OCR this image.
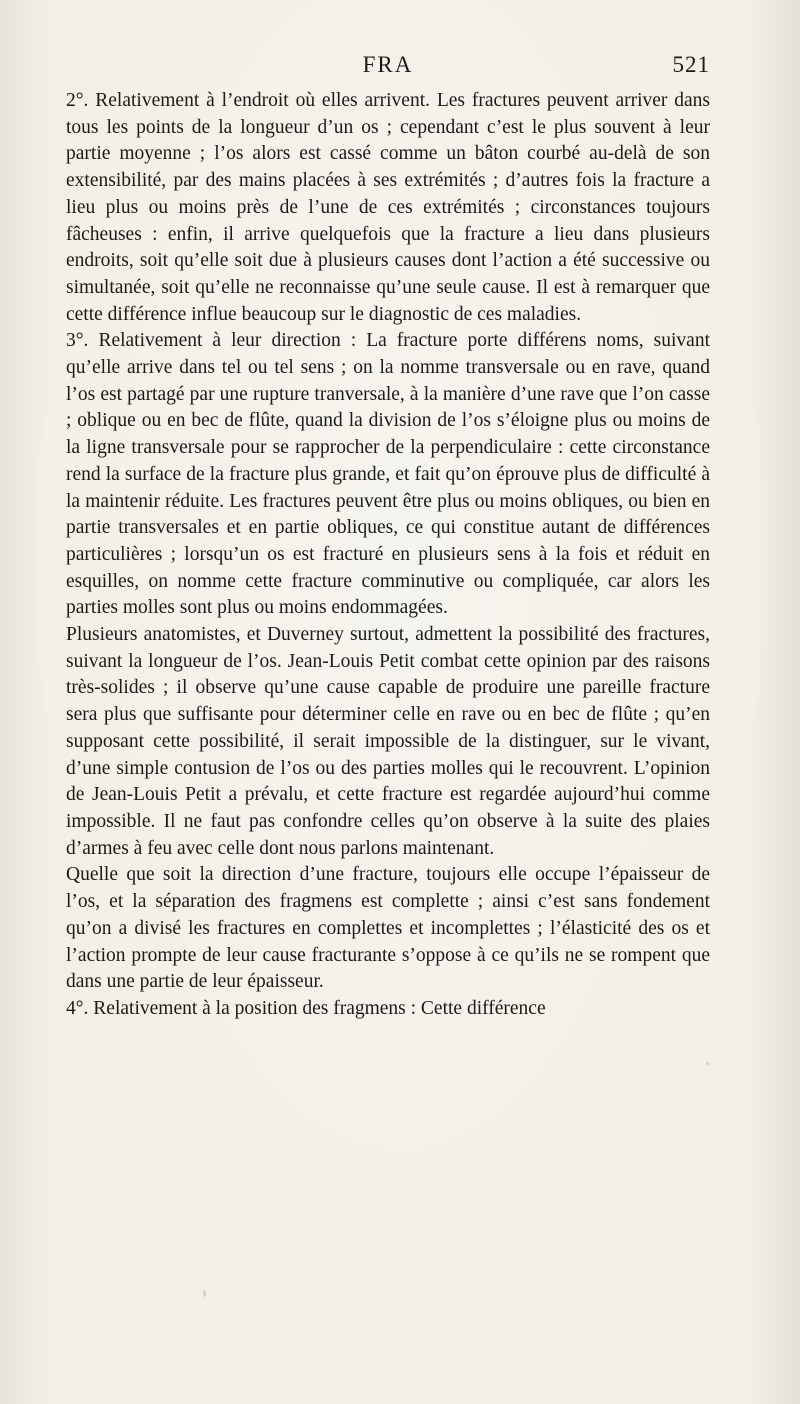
FRA	521

2°. Relativement à l’endroit où elles arrivent. Les fractures peuvent arriver dans tous les points de la longueur d’un os ; cependant c’est le plus souvent à leur partie moyenne ; l’os alors est cassé comme un bâton courbé au-delà de son extensibilité, par des mains placées à ses extrémités ; d’autres fois la fracture a lieu plus ou moins près de l’une de ces extrémités ; circonstances toujours fâcheuses : enfin, il arrive quelquefois que la fracture a lieu dans plusieurs endroits, soit qu’elle soit due à plusieurs causes dont l’action a été successive ou simultanée, soit qu’elle ne reconnaisse qu’une seule cause. Il est à remarquer que cette différence influe beaucoup sur le diagnostic de ces maladies.

3°. Relativement à leur direction : La fracture porte différens noms, suivant qu’elle arrive dans tel ou tel sens ; on la nomme transversale ou en rave, quand l’os est partagé par une rupture tranversale, à la manière d’une rave que l’on casse ; oblique ou en bec de flûte, quand la division de l’os s’éloigne plus ou moins de la ligne transversale pour se rapprocher de la perpendiculaire : cette circonstance rend la surface de la fracture plus grande, et fait qu’on éprouve plus de difficulté à la maintenir réduite. Les fractures peuvent être plus ou moins obliques, ou bien en partie transversales et en partie obliques, ce qui constitue autant de différences particulières ; lorsqu’un os est fracturé en plusieurs sens à la fois et réduit en esquilles, on nomme cette fracture comminutive ou compliquée, car alors les parties molles sont plus ou moins endommagées.

Plusieurs anatomistes, et Duverney surtout, admettent la possibilité des fractures, suivant la longueur de l’os. Jean-Louis Petit combat cette opinion par des raisons très-solides ; il observe qu’une cause capable de produire une pareille fracture sera plus que suffisante pour déterminer celle en rave ou en bec de flûte ; qu’en supposant cette possibilité, il serait impossible de la distinguer, sur le vivant, d’une simple contusion de l’os ou des parties molles qui le recouvrent. L’opinion de Jean-Louis Petit a prévalu, et cette fracture est regardée aujourd’hui comme impossible. Il ne faut pas confondre celles qu’on observe à la suite des plaies d’armes à feu avec celle dont nous parlons maintenant.

Quelle que soit la direction d’une fracture, toujours elle occupe l’épaisseur de l’os, et la séparation des fragmens est complette ; ainsi c’est sans fondement qu’on a divisé les fractures en complettes et incomplettes ; l’élasticité des os et l’action prompte de leur cause fracturante s’oppose à ce qu’ils ne se rompent que dans une partie de leur épaisseur.

4°. Relativement à la position des fragmens : Cette différence
